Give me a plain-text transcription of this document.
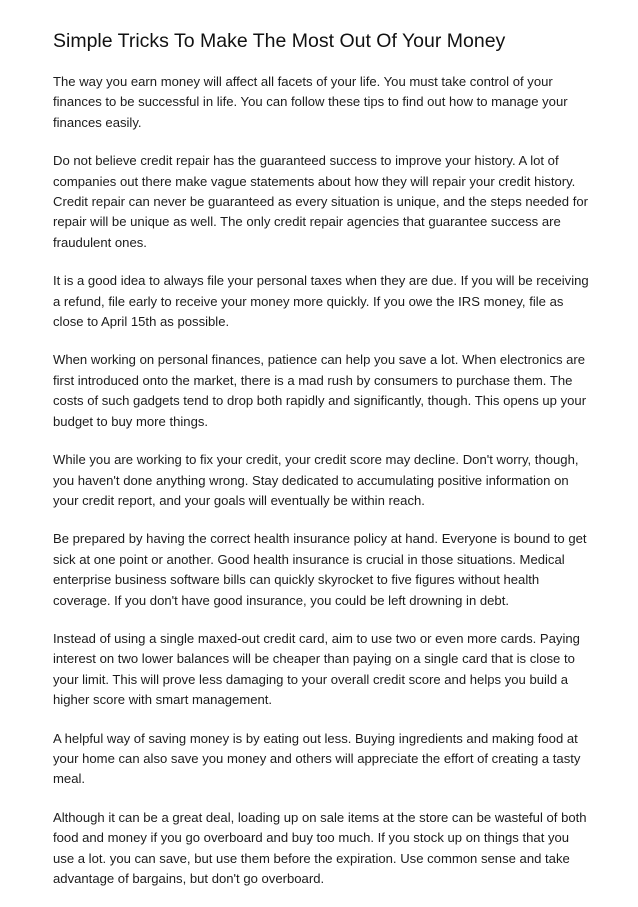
Simple Tricks To Make The Most Out Of Your Money

The way you earn money will affect all facets of your life. You must take control of your finances to be successful in life. You can follow these tips to find out how to manage your finances easily.

Do not believe credit repair has the guaranteed success to improve your history. A lot of companies out there make vague statements about how they will repair your credit history. Credit repair can never be guaranteed as every situation is unique, and the steps needed for repair will be unique as well. The only credit repair agencies that guarantee success are fraudulent ones.

It is a good idea to always file your personal taxes when they are due. If you will be receiving a refund, file early to receive your money more quickly. If you owe the IRS money, file as close to April 15th as possible.

When working on personal finances, patience can help you save a lot. When electronics are first introduced onto the market, there is a mad rush by consumers to purchase them. The costs of such gadgets tend to drop both rapidly and significantly, though. This opens up your budget to buy more things.

While you are working to fix your credit, your credit score may decline. Don't worry, though, you haven't done anything wrong. Stay dedicated to accumulating positive information on your credit report, and your goals will eventually be within reach.

Be prepared by having the correct health insurance policy at hand. Everyone is bound to get sick at one point or another. Good health insurance is crucial in those situations. Medical enterprise business software bills can quickly skyrocket to five figures without health coverage. If you don't have good insurance, you could be left drowning in debt.

Instead of using a single maxed-out credit card, aim to use two or even more cards. Paying interest on two lower balances will be cheaper than paying on a single card that is close to your limit. This will prove less damaging to your overall credit score and helps you build a higher score with smart management.

A helpful way of saving money is by eating out less. Buying ingredients and making food at your home can also save you money and others will appreciate the effort of creating a tasty meal.

Although it can be a great deal, loading up on sale items at the store can be wasteful of both food and money if you go overboard and buy too much. If you stock up on things that you use a lot. you can save, but use them before the expiration. Use common sense and take advantage of bargains, but don't go overboard.
